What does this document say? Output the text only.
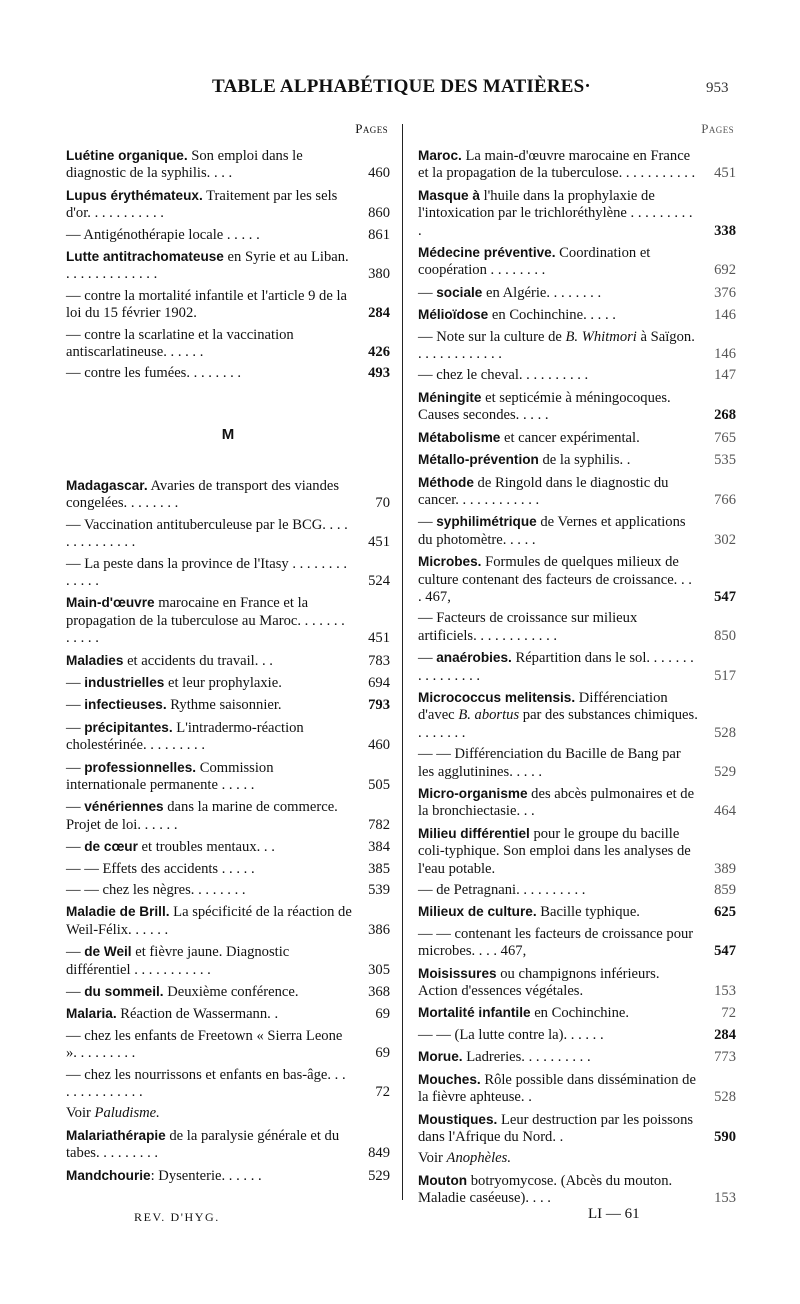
TABLE ALPHABÉTIQUE DES MATIÈRES·	953
Pages
Luétine organique. Son emploi dans le diagnostic de la syphilis. . . .	460
Lupus érythémateux. Traitement par les sels d'or. . . . . . . . . . .	860
— Antigénothérapie locale . . . . .	861
Lutte antitrachomateuse en Syrie et au Liban. . . . . . . . . . . . . .	380
— contre la mortalité infantile et l'article 9 de la loi du 15 février 1902.	284
— contre la scarlatine et la vaccination antiscarlatineuse. . . . . .	426
— contre les fumées. . . . . . . .	493
M
Madagascar. Avaries de transport des viandes congelées. . . . . . . .	70
— Vaccination antituberculeuse par le BCG. . . . . . . . . . . . . .	451
— La peste dans la province de l'Itasy . . . . . . . . . . . . .	524
Main-d'œuvre marocaine en France et la propagation de la tuberculose au Maroc. . . . . . . . . . . .	451
Maladies et accidents du travail. . .	783
— industrielles et leur prophylaxie.	694
— infectieuses. Rythme saisonnier.	793
— précipitantes. L'intradermo-réaction cholestérinée. . . . . . . . .	460
— professionnelles. Commission internationale permanente . . . . .	505
— vénériennes dans la marine de commerce. Projet de loi. . . . . .	782
— de cœur et troubles mentaux. . .	384
— — Effets des accidents . . . . .	385
— — chez les nègres. . . . . . . .	539
Maladie de Brill. La spécificité de la réaction de Weil-Félix. . . . . .	386
— de Weil et fièvre jaune. Diagnostic différentiel . . . . . . . . . . .	305
— du sommeil. Deuxième conférence.	368
Malaria. Réaction de Wassermann. .	69
— chez les enfants de Freetown « Sierra Leone ». . . . . . . . .	69
— chez les nourrissons et enfants en bas-âge. . . . . . . . . . . . . .	72
Voir Paludisme.
Malariathérapie de la paralysie générale et du tabes. . . . . . . . .	849
Mandchourie: Dysenterie. . . . . .	529
Pages
Maroc. La main-d'œuvre marocaine en France et la propagation de la tuberculose. . . . . . . . . . .	451
Masque à l'huile dans la prophylaxie de l'intoxication par le trichloréthylène . . . . . . . . . .	338
Médecine préventive. Coordination et coopération . . . . . . . .	692
— sociale en Algérie. . . . . . . .	376
Mélioïdose en Cochinchine. . . . .	146
— Note sur la culture de B. Whitmori à Saïgon. . . . . . . . . . . . .	146
— chez le cheval. . . . . . . . . .	147
Méningite et septicémie à méningocoques. Causes secondes. . . . .	268
Métabolisme et cancer expérimental.	765
Métallo-prévention de la syphilis. .	535
Méthode de Ringold dans le diagnostic du cancer. . . . . . . . . . . .	766
— syphilimétrique de Vernes et applications du photomètre. . . . .	302
Microbes. Formules de quelques milieux de culture contenant des facteurs de croissance. . . . 467,	547
— Facteurs de croissance sur milieux artificiels. . . . . . . . . . . .	850
— anaérobies. Répartition dans le sol. . . . . . . . . . . . . . . .	517
Micrococcus melitensis. Différenciation d'avec B. abortus par des substances chimiques. . . . . . . .	528
— — Différenciation du Bacille de Bang par les agglutinines. . . . .	529
Micro-organisme des abcès pulmonaires et de la bronchiectasie. . .	464
Milieu différentiel pour le groupe du bacille coli-typhique. Son emploi dans les analyses de l'eau potable.	389
— de Petragnani. . . . . . . . . .	859
Milieux de culture. Bacille typhique.	625
— — contenant les facteurs de croissance pour microbes. . . . 467,	547
Moisissures ou champignons inférieurs. Action d'essences végétales.	153
Mortalité infantile en Cochinchine.	72
— — (La lutte contre la). . . . . .	284
Morue. Ladreries. . . . . . . . . .	773
Mouches. Rôle possible dans dissémination de la fièvre aphteuse. .	528
Moustiques. Leur destruction par les poissons dans l'Afrique du Nord. .	590
Voir Anophèles.
Mouton botryomycose. (Abcès du mouton. Maladie caséeuse). . . .	153
REV. D'HYG.	LI — 61
